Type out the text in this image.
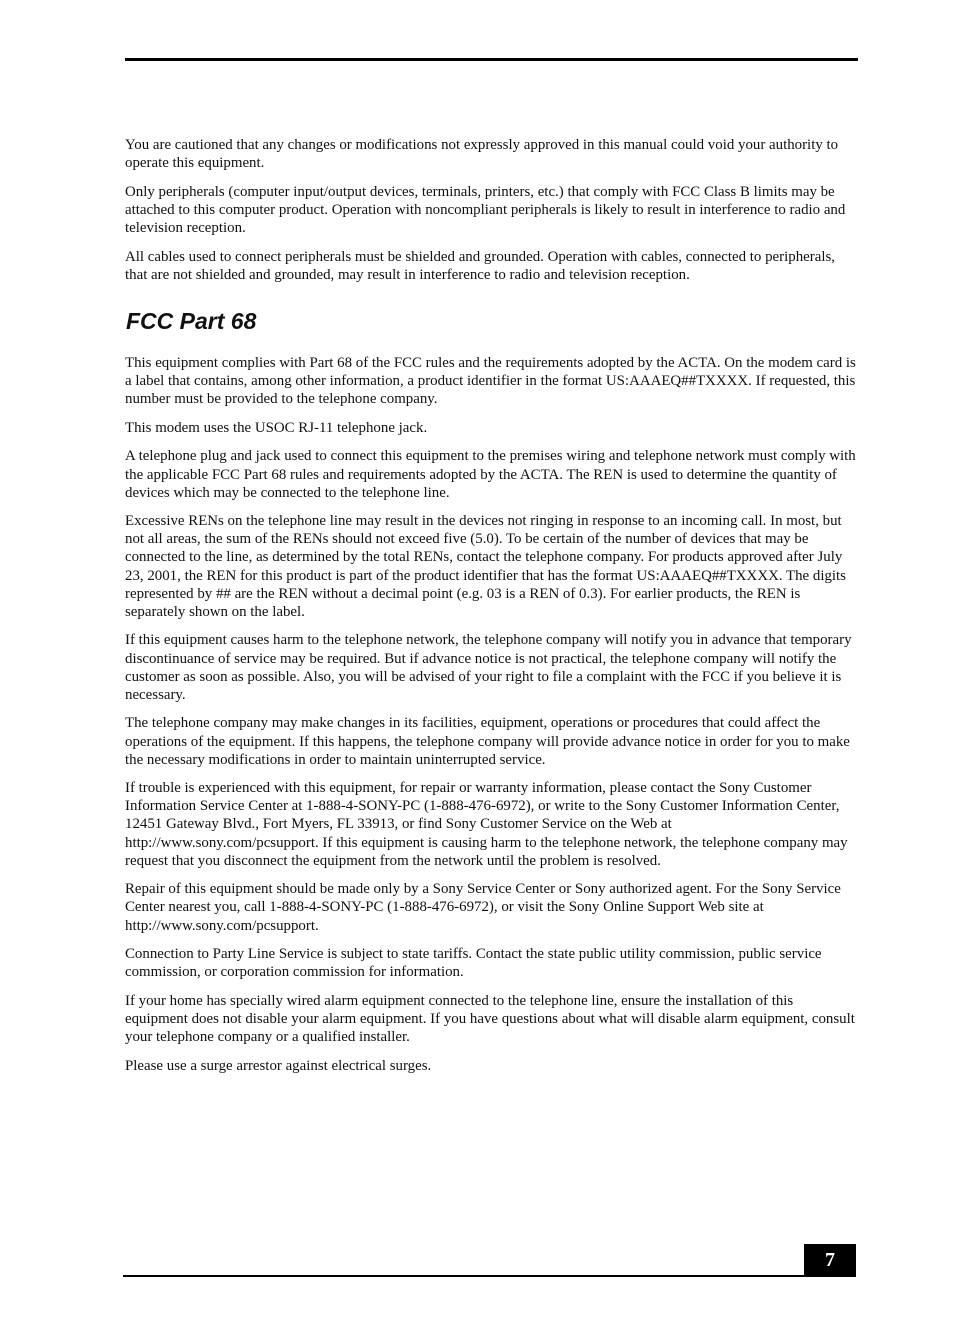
You are cautioned that any changes or modifications not expressly approved in this manual could void your authority to operate this equipment.

Only peripherals (computer input/output devices, terminals, printers, etc.) that comply with FCC Class B limits may be attached to this computer product. Operation with noncompliant peripherals is likely to result in interference to radio and television reception.

All cables used to connect peripherals must be shielded and grounded. Operation with cables, connected to peripherals, that are not shielded and grounded, may result in interference to radio and television reception.

FCC Part 68

This equipment complies with Part 68 of the FCC rules and the requirements adopted by the ACTA. On the modem card is a label that contains, among other information, a product identifier in the format US:AAAEQ##TXXXX. If requested, this number must be provided to the telephone company.

This modem uses the USOC RJ-11 telephone jack.

A telephone plug and jack used to connect this equipment to the premises wiring and telephone network must comply with the applicable FCC Part 68 rules and requirements adopted by the ACTA. The REN is used to determine the quantity of devices which may be connected to the telephone line.

Excessive RENs on the telephone line may result in the devices not ringing in response to an incoming call. In most, but not all areas, the sum of the RENs should not exceed five (5.0). To be certain of the number of devices that may be connected to the line, as determined by the total RENs, contact the telephone company. For products approved after July 23, 2001, the REN for this product is part of the product identifier that has the format US:AAAEQ##TXXXX. The digits represented by ## are the REN without a decimal point (e.g. 03 is a REN of 0.3). For earlier products, the REN is separately shown on the label.

If this equipment causes harm to the telephone network, the telephone company will notify you in advance that temporary discontinuance of service may be required. But if advance notice is not practical, the telephone company will notify the customer as soon as possible. Also, you will be advised of your right to file a complaint with the FCC if you believe it is necessary.

The telephone company may make changes in its facilities, equipment, operations or procedures that could affect the operations of the equipment. If this happens, the telephone company will provide advance notice in order for you to make the necessary modifications in order to maintain uninterrupted service.

If trouble is experienced with this equipment, for repair or warranty information, please contact the Sony Customer Information Service Center at 1-888-4-SONY-PC (1-888-476-6972), or write to the Sony Customer Information Center, 12451 Gateway Blvd., Fort Myers, FL 33913, or find Sony Customer Service on the Web at http://www.sony.com/pcsupport. If this equipment is causing harm to the telephone network, the telephone company may request that you disconnect the equipment from the network until the problem is resolved.

Repair of this equipment should be made only by a Sony Service Center or Sony authorized agent. For the Sony Service Center nearest you, call 1-888-4-SONY-PC (1-888-476-6972), or visit the Sony Online Support Web site at http://www.sony.com/pcsupport.

Connection to Party Line Service is subject to state tariffs. Contact the state public utility commission, public service commission, or corporation commission for information.

If your home has specially wired alarm equipment connected to the telephone line, ensure the installation of this equipment does not disable your alarm equipment. If you have questions about what will disable alarm equipment, consult your telephone company or a qualified installer.

Please use a surge arrestor against electrical surges.

7
